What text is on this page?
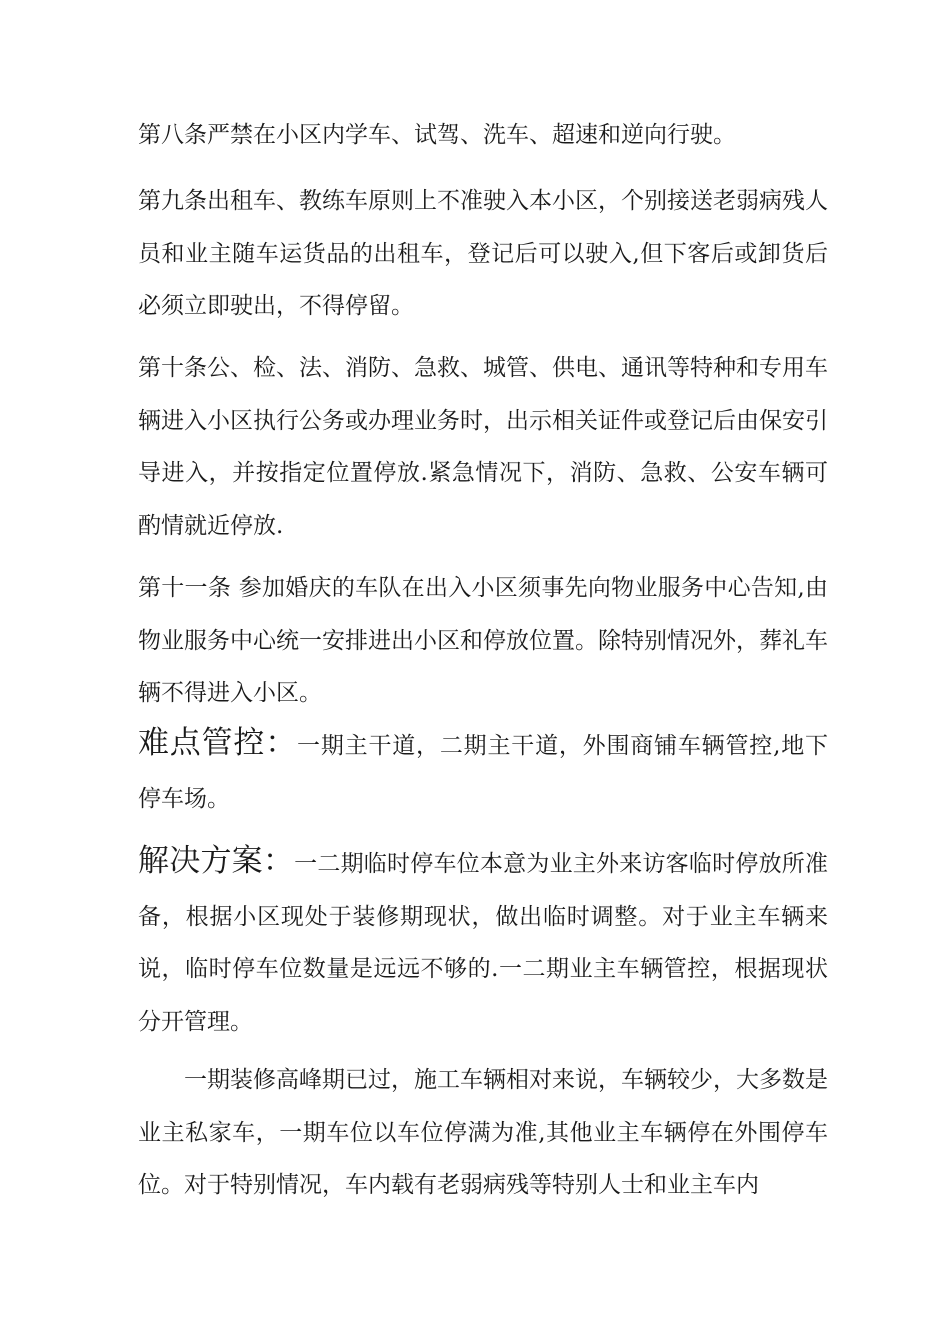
第八条严禁在小区内学车、试驾、洗车、超速和逆向行驶。

第九条出租车、教练车原则上不准驶入本小区，个别接送老弱病残人员和业主随车运货品的出租车，登记后可以驶入,但下客后或卸货后必须立即驶出，不得停留。

第十条公、检、法、消防、急救、城管、供电、通讯等特种和专用车辆进入小区执行公务或办理业务时，出示相关证件或登记后由保安引导进入，并按指定位置停放.紧急情况下，消防、急救、公安车辆可酌情就近停放.

第十一条 参加婚庆的车队在出入小区须事先向物业服务中心告知,由物业服务中心统一安排进出小区和停放位置。除特别情况外，葬礼车辆不得进入小区。

难点管控：一期主干道，二期主干道，外围商铺车辆管控,地下停车场。

解决方案：一二期临时停车位本意为业主外来访客临时停放所准备，根据小区现处于装修期现状，做出临时调整。对于业主车辆来说，临时停车位数量是远远不够的.一二期业主车辆管控，根据现状分开管理。

一期装修高峰期已过，施工车辆相对来说，车辆较少，大多数是业主私家车，一期车位以车位停满为准,其他业主车辆停在外围停车位。对于特别情况，车内载有老弱病残等特别人士和业主车内
